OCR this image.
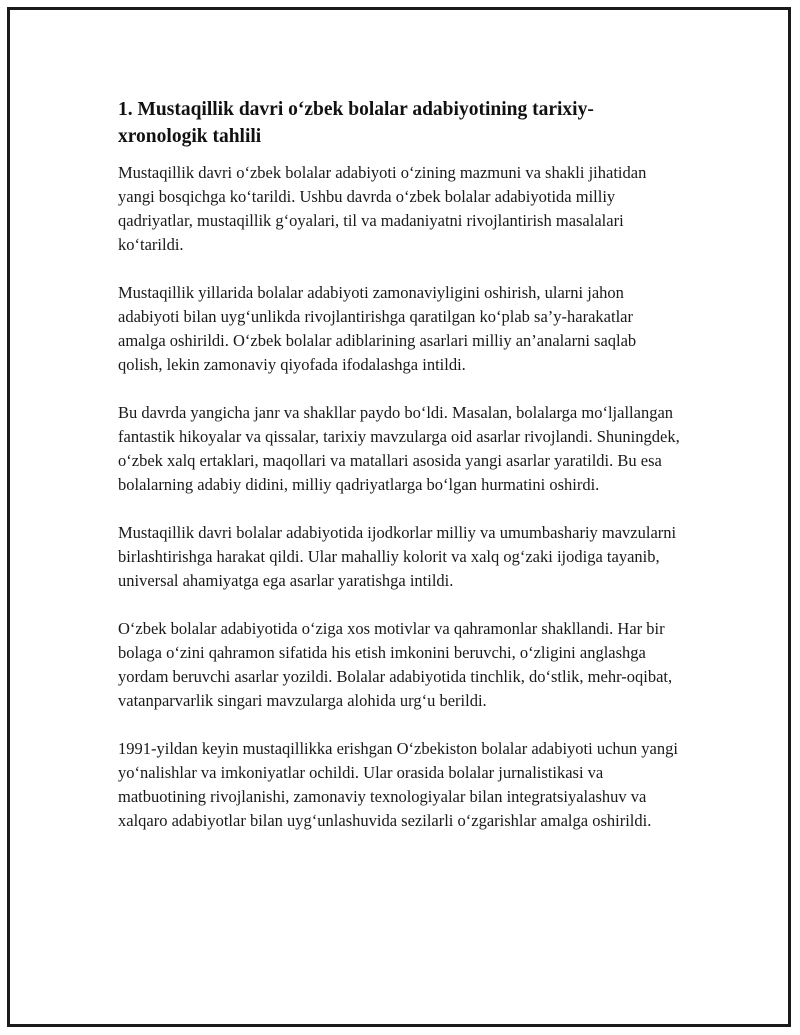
1. Mustaqillik davri o‘zbek bolalar adabiyotining tarixiy-xronologik tahlili

Mustaqillik davri o‘zbek bolalar adabiyoti o‘zining mazmuni va shakli jihatidan yangi bosqichga ko‘tarildi. Ushbu davrda o‘zbek bolalar adabiyotida milliy qadriyatlar, mustaqillik g‘oyalari, til va madaniyatni rivojlantirish masalalari ko‘tarildi.

Mustaqillik yillarida bolalar adabiyoti zamonaviyligini oshirish, ularni jahon adabiyoti bilan uyg‘unlikda rivojlantirishga qaratilgan ko‘plab sa’y-harakatlar amalga oshirildi. O‘zbek bolalar adiblarining asarlari milliy an’analarni saqlab qolish, lekin zamonaviy qiyofada ifodalashga intildi.

Bu davrda yangicha janr va shakllar paydo bo‘ldi. Masalan, bolalarga mo‘ljallangan fantastik hikoyalar va qissalar, tarixiy mavzularga oid asarlar rivojlandi. Shuningdek, o‘zbek xalq ertaklari, maqollari va matallari asosida yangi asarlar yaratildi. Bu esa bolalarning adabiy didini, milliy qadriyatlarga bo‘lgan hurmatini oshirdi.

Mustaqillik davri bolalar adabiyotida ijodkorlar milliy va umumbashariy mavzularni birlashtirishga harakat qildi. Ular mahalliy kolorit va xalq og‘zaki ijodiga tayanib, universal ahamiyatga ega asarlar yaratishga intildi.

O‘zbek bolalar adabiyotida o‘ziga xos motivlar va qahramonlar shakllandi. Har bir bolaga o‘zini qahramon sifatida his etish imkonini beruvchi, o‘zligini anglashga yordam beruvchi asarlar yozildi. Bolalar adabiyotida tinchlik, do‘stlik, mehr-oqibat, vatanparvarlik singari mavzularga alohida urg‘u berildi.

1991-yildan keyin mustaqillikka erishgan O‘zbekiston bolalar adabiyoti uchun yangi yo‘nalishlar va imkoniyatlar ochildi. Ular orasida bolalar jurnalistikasi va matbuotining rivojlanishi, zamonaviy texnologiyalar bilan integratsiyalashuv va xalqaro adabiyotlar bilan uyg‘unlashuvida sezilarli o‘zgarishlar amalga oshirildi.
